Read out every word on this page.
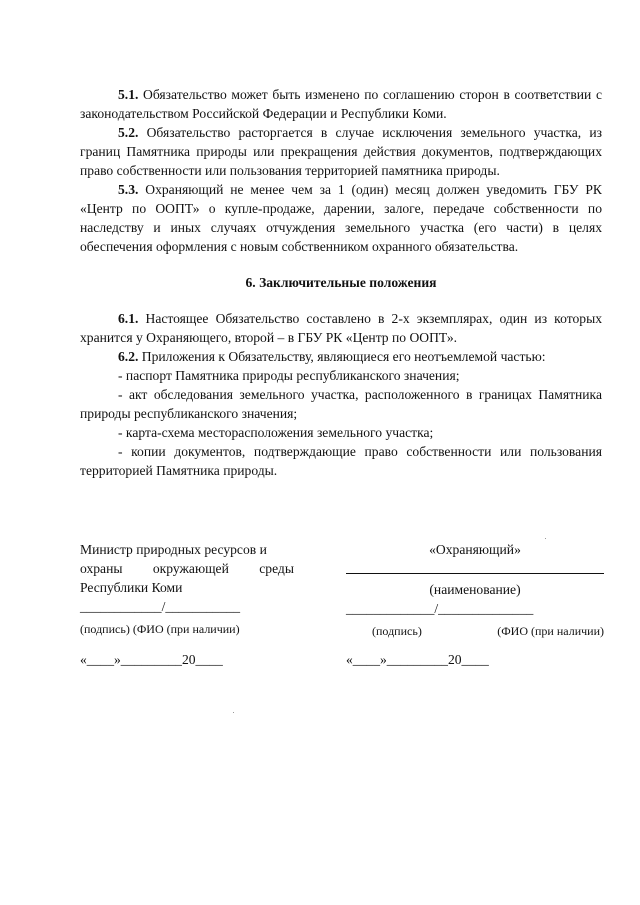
5.1. Обязательство может быть изменено по соглашению сторон в соответствии с законодательством Российской Федерации и Республики Коми.

5.2. Обязательство расторгается в случае исключения земельного участка, из границ Памятника природы или прекращения действия документов, подтверждающих право собственности или пользования территорией памятника природы.

5.3. Охраняющий не менее чем за 1 (один) месяц должен уведомить ГБУ РК «Центр по ООПТ» о купле-продаже, дарении, залоге, передаче собственности по наследству и иных случаях отчуждения земельного участка (его части) в целях обеспечения оформления с новым собственником охранного обязательства.

6. Заключительные положения

6.1. Настоящее Обязательство составлено в 2-х экземплярах, один из которых хранится у Охраняющего, второй – в ГБУ РК «Центр по ООПТ».

6.2. Приложения к Обязательству, являющиеся его неотъемлемой частью:

- паспорт Памятника природы республиканского значения;

- акт обследования земельного участка, расположенного в границах Памятника природы республиканского значения;

- карта-схема месторасположения земельного участка;

- копии документов, подтверждающие право собственности или пользования территорией Памятника природы.

Министр природных ресурсов и
охраны окружающей среды
Республики Коми
____________/___________
(подпись) (ФИО (при наличии)
«Охраняющий»
(наименование)
_____________/______________
(подпись)	(ФИО (при наличии)
«____»_________20____	«____»_________20____
